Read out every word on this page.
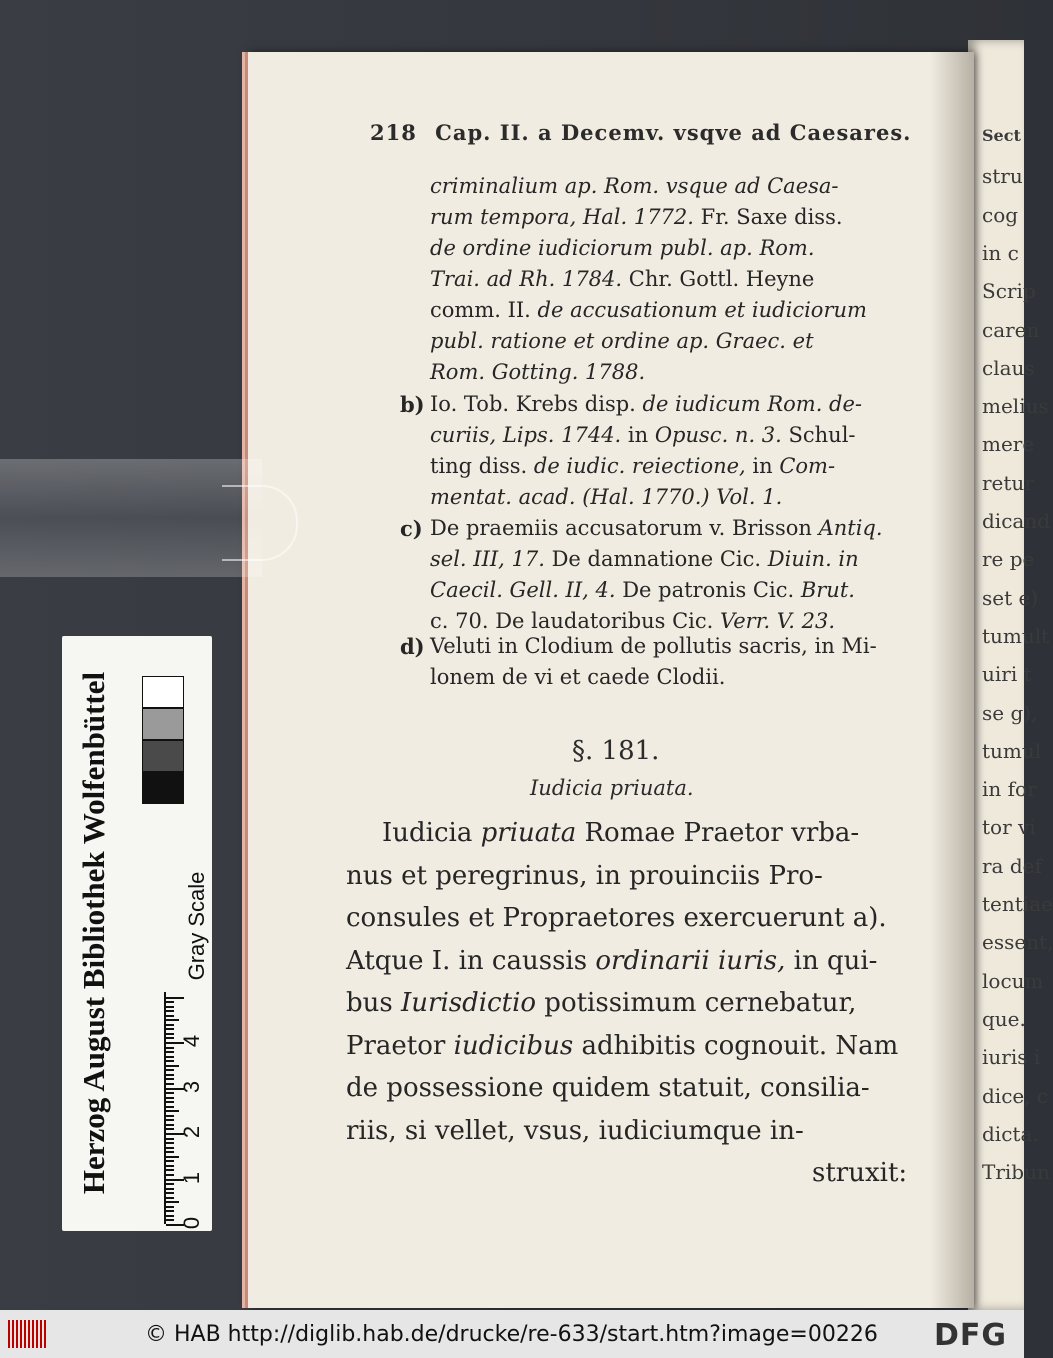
Sect
stru
cog
in c
Scrip
caren
claus
melius
mere
retur
dicand
re pe
set e)
tumult
uiri t
se g),
tumul
in for
tor vi
ra def
tentiae
essent,
locum
que.
iuris i
dice, c
dicta.
Tribun

218 Cap. II. a Decemv. vsqve ad Caesares.
criminalium ap. Rom. vsque ad Caesa-
rum tempora, Hal. 1772. Fr. Saxe diss.
de ordine iudiciorum publ. ap. Rom.
Trai. ad Rh. 1784. Chr. Gottl. Heyne
comm. II. de accusationum et iudiciorum
publ. ratione et ordine ap. Graec. et
Rom. Gotting. 1788.
b) Io. Tob. Krebs disp. de iudicum Rom. de-
curiis, Lips. 1744. in Opusc. n. 3. Schul-
ting diss. de iudic. reiectione, in Com-
mentat. acad. (Hal. 1770.) Vol. 1.
c) De praemiis accusatorum v. Brisson Antiq.
sel. III, 17. De damnatione Cic. Diuin. in
Caecil. Gell. II, 4. De patronis Cic. Brut.
c. 70. De laudatoribus Cic. Verr. V. 23.
d) Veluti in Clodium de pollutis sacris, in Mi-
lonem de vi et caede Clodii.
§. 181.
Iudicia priuata.
Iudicia priuata Romae Praetor vrba-
nus et peregrinus, in prouinciis Pro-
consules et Propraetores exercuerunt a).
Atque I. in caussis ordinarii iuris, in qui-
bus Iurisdictio potissimum cernebatur,
Praetor iudicibus adhibitis cognouit. Nam
de possessione quidem statuit, consilia-
riis, si vellet, vsus, iudiciumque in-
struxit:
Herzog August Bibliothek Wolfenbüttel	Gray Scale
0
1
2
3
4
© HAB http://diglib.hab.de/drucke/re-633/start.htm?image=00226 DFG
